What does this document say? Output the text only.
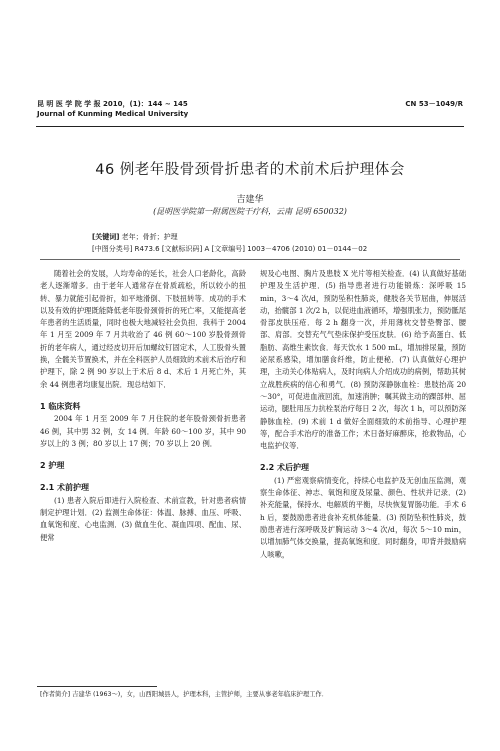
昆 明 医 学 院 学 报 2010，(1)：144 ~ 145
Journal of Kunming Medical University
CN 53－1049/R
46 例老年股骨颈骨折患者的术前术后护理体会
吉建华
(昆明医学院第一附属医院干疗科，云南 昆明 650032)
[关键词] 老年；骨折；护理
[中图分类号] R473.6 [文献标识码] A [文章编号] 1003－4706 (2010) 01－0144－02

随着社会的发展，人均寿命的延长，社会人口老龄化，高龄老人逐渐增多．由于老年人通常存在骨质疏松，所以较小的扭转、暴力就能引起骨折，如平地滑倒、下肢扭转等．成功的手术以及有效的护理既能降低老年股骨颈骨折的死亡率，又能提高老年患者的生活质量，同时也极大地减轻社会负担．我科于 2004 年 1 月至 2009 年 7 月共收治了 46 例 60～100 岁股骨颈骨折的老年病人，通过经皮切开后加螺纹钉固定术，人工股骨头置换，全髋关节置换术，并在全科医护人员细致的术前术后治疗和护理下，除 2 例 90 岁以上于术后 8 d、术后 1 月死亡外，其余 44 例患者均康复出院．现总结如下．

1 临床资料

2004 年 1 月至 2009 年 7 月住院的老年股骨颈骨折患者 46 例，其中男 32 例，女 14 例．年龄 60～100 岁，其中 90 岁以上的 3 例；80 岁以上 17 例；70 岁以上 20 例．

2 护理

2.1 术前护理

(1) 患者入院后即进行入院检查、术前宣教，针对患者病情制定护理计划．(2) 监测生命体征：体温、脉搏、血压、呼吸、血氧饱和度、心电监测．(3) 做血生化、凝血四项、配血、尿、便常

规及心电图、胸片及患肢 X 光片等相关检查．(4) 认真做好基础护理及生活护理．(5) 指导患者进行功能锻炼：深呼吸 15 min，3～4 次/d，预防坠积性肺炎，健肢各关节屈曲，伸展活动，抬髋部 1 次/2 h，以促进血液循环，增强肌张力，预防骶尾骨部皮肤压疮．每 2 h 翻身一次，并用薄枕交替垫臀部、腰部、肩部．交替充气气垫床保护受压皮肤．(6) 给予高蛋白、低脂肪、高维生素饮食．每天饮水 1 500 mL，增加排尿量，预防泌尿系感染，增加膳食纤维，防止便秘．(7) 认真做好心理护理，主动关心体贴病人，及时向病人介绍成功的病例，帮助其树立战胜疾病的信心和勇气．(8) 预防深静脉血栓：患肢抬高 20～30°，可促进血液回流，加速消肿；嘱其做主动的踝部伸、屈运动，腿肚用压力抗栓泵治疗每日 2 次，每次 1 h，可以预防深静脉血栓．(9) 术前 1 d 做好全面细致的术前指导、心理护理等，配合手术治疗的准备工作；术日备好麻醉床，抢救物品，心电监护仪等．

2.2 术后护理

(1) 严密观察病情变化，持续心电监护及无创血压监测，观察生命体征、神志、氧饱和度及尿量、颜色、性状并记录．(2) 补充能量，保持水、电解质的平衡，尽快恢复胃肠功能．手术 6 h 后，要鼓励患者进食补充机体能量．(3) 预防坠积性肺炎，鼓励患者进行深呼吸及扩胸运动 3～4 次/d，每次 5～10 min，以增加肺气体交换量，提高氧饱和度．同时翻身，叩背并鼓励病人咳嗽，

[作者简介] 吉建华 (1963～)，女，山西阳城县人，护理本科，主管护师，主要从事老年临床护理工作．
